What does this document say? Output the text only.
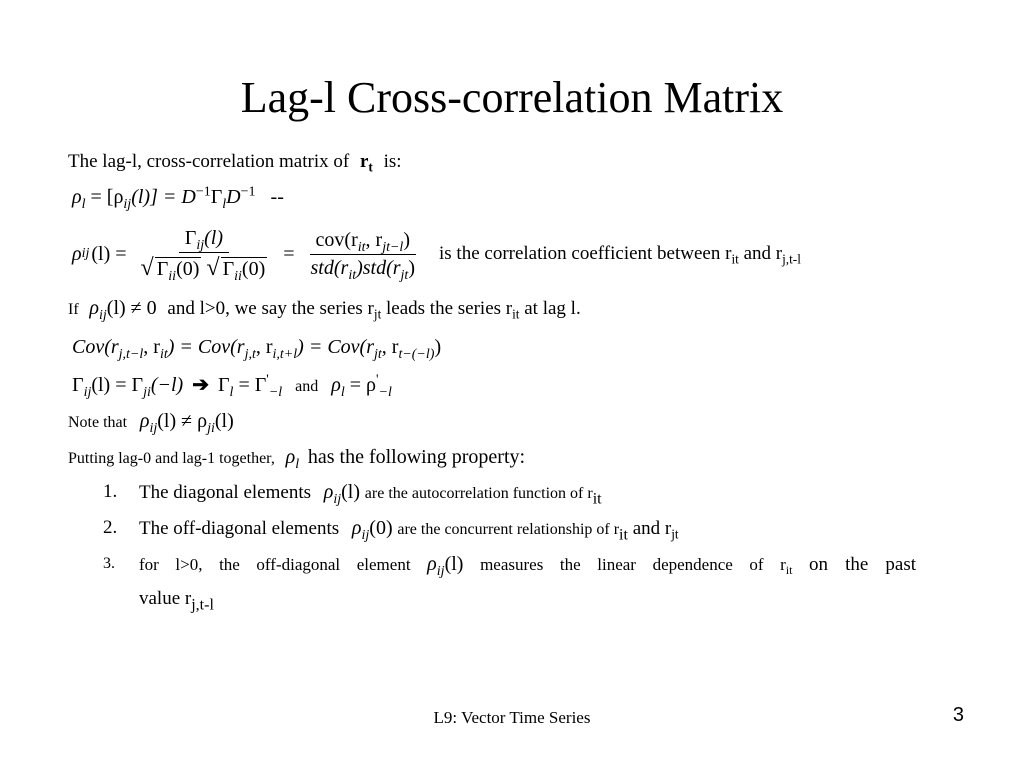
Lag-l Cross-correlation Matrix
The lag-l, cross-correlation matrix of $r_t$ is:
$\rho_l = [\rho_{ij}(l)] = D^{-1}\Gamma_lD^{-1}$ --
ρ ij $(l) = \frac{\Gamma_{ij}(l)}{√ \Gamma_{ii}(0) √ \Gamma_{ii}(0)} = \frac{cov(r_{it}, r_{jt-l})}{std(r_{it})std(r_{jt})}$ is the correlation coefficient between $r_{it}$ and $r_{j,t-l}$
If $\rho_{ij}(l) \ne 0$ and l>0, we say the series $r_{jt}$ leads the series $r_{it}$ at lag l.
$Cov(r_{j,t-l}$, $r_{it}) = Cov(r_{j,t}$, $r_{i,t+l}) = Cov(r_{jt}$, $r_{t-(-l)}$)
$\Gamma_{ij}(l) = \Gamma_{ji}(-l)$ ➔ $\Gamma_l = \Gamma'_{-l}$ and $\rho_l = \rho'_{-l}$
Note that $\rho_{ij}(l) \ne \rho_{ji}(l)$
Putting lag-0 and lag-1 together, $\rho_l$ has the following property:
1. The diagonal elements $\rho_{ij}(l)$ are the autocorrelation function of $r_{it}$
2. The off-diagonal elements $\rho_{ij}(0)$ are the concurrent relationship of $r_{it}$ and $r_{jt}$
3. for l>0, the off-diagonal element $\rho_{ij}(l)$ measures the linear dependence of $r_{it}$ on the past
value $r_{j,t-l}$
L9: Vector Time Series	3
